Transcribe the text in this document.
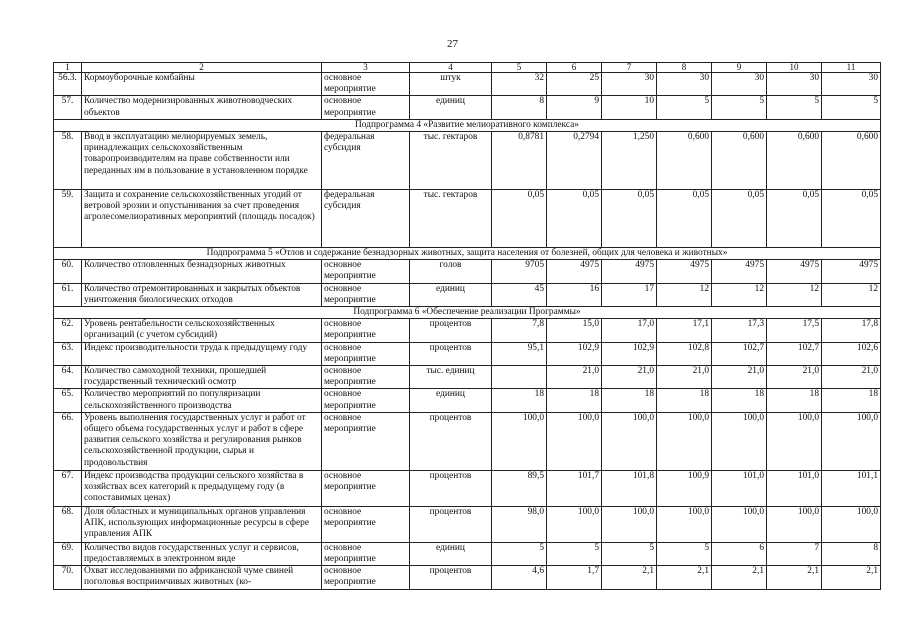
27
1	2	3	4	5	6	7	8	9	10	11
56.3.	Кормоуборочные комбайны	основное мероприятие	штук	32	25	30	30	30	30	30
57.	Количество модернизированных животноводческих объектов	основное мероприятие	единиц	8	9	10	5	5	5	5
Подпрограмма 4 «Развитие мелиоративного комплекса»										
58.	Ввод в эксплуатацию мелиорируемых земель, принадлежащих сельскохозяйственным товаропроизводителям на праве собственности или переданных им в пользование в установленном порядке	федеральная субсидия	тыс. гектаров	0,8781	0,2794	1,250	0,600	0,600	0,600	0,600
59.	Защита и сохранение сельскохозяйственных угодий от ветровой эрозии и опустынивания за счет проведения агролесомелиоративных мероприятий (площадь посадок)	федеральная субсидия	тыс. гектаров	0,05	0,05	0,05	0,05	0,05	0,05	0,05
Подпрограмма 5 «Отлов и содержание безнадзорных животных, защита населения от болезней, общих для человека и животных»										
60.	Количество отловленных безнадзорных животных	основное мероприятие	голов	9705	4975	4975	4975	4975	4975	4975
61.	Количество отремонтированных и закрытых объектов уничтожения биологических отходов	основное мероприятие	единиц	45	16	17	12	12	12	12
Подпрограмма 6 «Обеспечение реализации Программы»										
62.	Уровень рентабельности сельскохозяйственных организаций (с учетом субсидий)	основное мероприятие	процентов	7,8	15,0	17,0	17,1	17,3	17,5	17,8
63.	Индекс производительности труда к предыдущему году	основное мероприятие	процентов	95,1	102,9	102,9	102,8	102,7	102,7	102,6
64.	Количество самоходной техники, прошедшей государственный технический осмотр	основное мероприятие	тыс. единиц		21,0	21,0	21,0	21,0	21,0	21,0
65.	Количество мероприятий по популяризации сельскохозяйственного производства	основное мероприятие	единиц	18	18	18	18	18	18	18
66.	Уровень выполнения государственных услуг и работ от общего объема государственных услуг и работ в сфере развития сельского хозяйства и регулирования рынков сельскохозяйственной продукции, сырья и продовольствия	основное мероприятие	процентов	100,0	100,0	100,0	100,0	100,0	100,0	100,0
67.	Индекс производства продукции сельского хозяйства в хозяйствах всех категорий к предыдущему году (в сопоставимых ценах)	основное мероприятие	процентов	89,5	101,7	101,8	100,9	101,0	101,0	101,1
68.	Доля областных и муниципальных органов управления АПК, использующих информационные ресурсы в сфере управления АПК	основное мероприятие	процентов	98,0	100,0	100,0	100,0	100,0	100,0	100,0
69.	Количество видов государственных услуг и сервисов, предоставляемых в электронном виде	основное мероприятие	единиц	5	5	5	5	6	7	8
70.	Охват исследованиями по африканской чуме свиней поголовья восприимчивых животных (ко-	основное мероприятие	процентов	4,6	1,7	2,1	2,1	2,1	2,1	2,1
